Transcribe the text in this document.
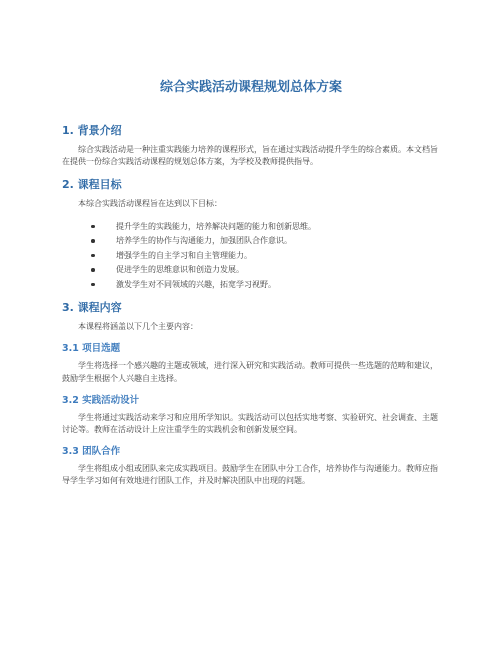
综合实践活动课程规划总体方案
1. 背景介绍

综合实践活动是一种注重实践能力培养的课程形式，旨在通过实践活动提升学生的综合素质。本文档旨在提供一份综合实践活动课程的规划总体方案，为学校及教师提供指导。

2. 课程目标

本综合实践活动课程旨在达到以下目标：

提升学生的实践能力，培养解决问题的能力和创新思维。
培养学生的协作与沟通能力，加强团队合作意识。
增强学生的自主学习和自主管理能力。
促进学生的思维意识和创造力发展。
激发学生对不同领域的兴趣，拓宽学习视野。
3. 课程内容

本课程将涵盖以下几个主要内容：

3.1 项目选题

学生将选择一个感兴趣的主题或领域，进行深入研究和实践活动。教师可提供一些选题的范畴和建议，鼓励学生根据个人兴趣自主选择。

3.2 实践活动设计

学生将通过实践活动来学习和应用所学知识。实践活动可以包括实地考察、实验研究、社会调查、主题讨论等。教师在活动设计上应注重学生的实践机会和创新发展空间。

3.3 团队合作

学生将组成小组或团队来完成实践项目。鼓励学生在团队中分工合作，培养协作与沟通能力。教师应指导学生学习如何有效地进行团队工作，并及时解决团队中出现的问题。
